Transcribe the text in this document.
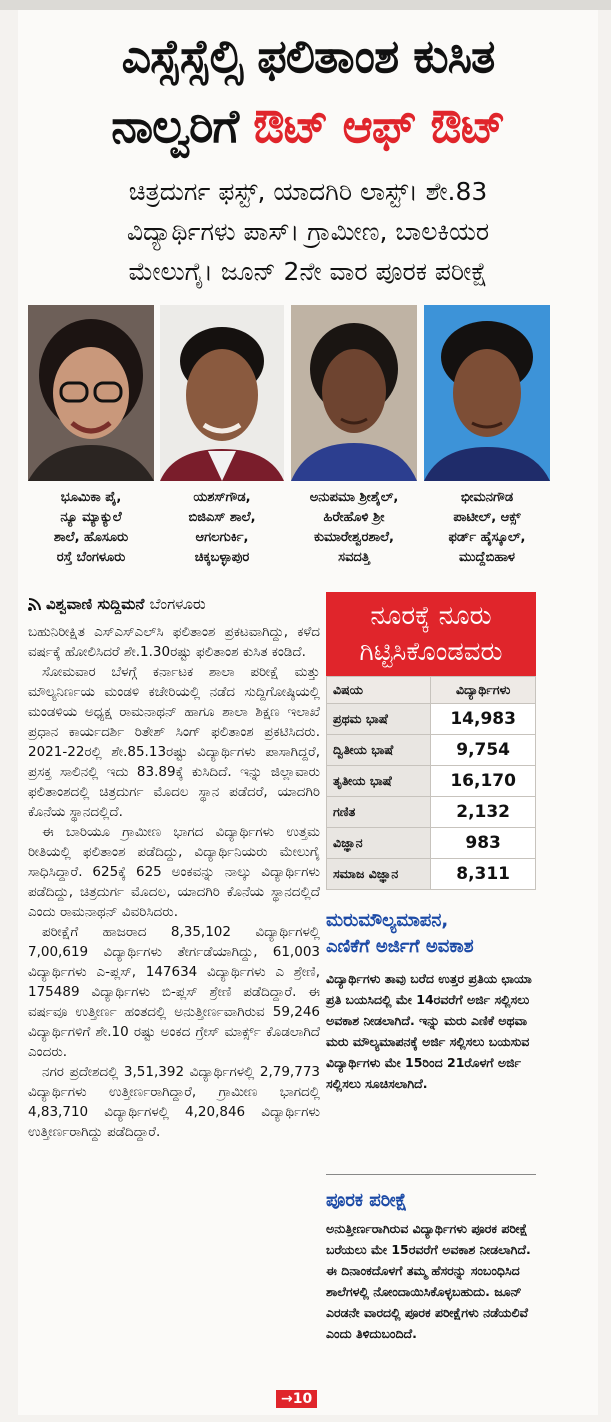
ಎಸ್ಸೆಸ್ಸೆಲ್ಸಿ ಫಲಿತಾಂಶ ಕುಸಿತ
ನಾಲ್ವರಿಗೆ ಔಟ್ ಆಫ್ ಔಟ್
ಚಿತ್ರದುರ್ಗ ಫಸ್ಟ್, ಯಾದಗಿರಿ ಲಾಸ್ಟ್। ಶೇ.83
ವಿದ್ಯಾರ್ಥಿಗಳು ಪಾಸ್। ಗ್ರಾಮೀಣ, ಬಾಲಕಿಯರ
ಮೇಲುಗೈ। ಜೂನ್ 2ನೇ ವಾರ ಪೂರಕ ಪರೀಕ್ಷೆ
ಭೂಮಿಕಾ ಪೈ,
ನ್ಯೂ ಮ್ಯಾಕ್ಯುಲೆ
ಶಾಲೆ, ಹೊಸೂರು
ರಸ್ತೆ ಬೆಂಗಳೂರು
ಯಶಸ್‌ಗೌಡ,
ಬಿಜಿಎಸ್ ಶಾಲೆ,
ಆಗಲಗುರ್ಕಿ,
ಚಿಕ್ಕಬಳ್ಳಾಪುರ
ಅನುಪಮಾ ಶ್ರೀಶೈಲ್,
ಹಿರೇಹೊಳಿ ಶ್ರೀ
ಕುಮಾರೇಶ್ವರಶಾಲೆ,
ಸವದತ್ತಿ
ಭೀಮನಗೌಡ
ಪಾಟೀಲ್, ಆಕ್ಸ್
ಫರ್ಡ್ ಹೈಸ್ಕೂಲ್,
ಮುದ್ದೆಬಿಹಾಳ
ವಿಶ್ವವಾಣಿ ಸುದ್ದಿಮನೆ ಬೆಂಗಳೂರು

ಬಹುನಿರೀಕ್ಷಿತ ಎಸ್‌ಎಸ್‌ಎಲ್‌ಸಿ ಫಲಿತಾಂಶ ಪ್ರಕಟವಾಗಿದ್ದು, ಕಳೆದ ವರ್ಷಕ್ಕೆ ಹೋಲಿಸಿದರೆ ಶೇ.1.30ರಷ್ಟು ಫಲಿತಾಂಶ ಕುಸಿತ ಕಂಡಿದೆ.

ಸೋಮವಾರ ಬೆಳಗ್ಗೆ ಕರ್ನಾಟಕ ಶಾಲಾ ಪರೀಕ್ಷೆ ಮತ್ತು ಮೌಲ್ಯನಿರ್ಣಯ ಮಂಡಳಿ ಕಚೇರಿಯಲ್ಲಿ ನಡೆದ ಸುದ್ದಿಗೋಷ್ಠಿಯಲ್ಲಿ ಮಂಡಳಿಯ ಅಧ್ಯಕ್ಷ ರಾಮನಾಥನ್ ಹಾಗೂ ಶಾಲಾ ಶಿಕ್ಷಣ ಇಲಾಖೆ ಪ್ರಧಾನ ಕಾರ್ಯದರ್ಶಿ ರಿತೇಶ್ ಸಿಂಗ್ ಫಲಿತಾಂಶ ಪ್ರಕಟಿಸಿದರು. 2021-22ರಲ್ಲಿ ಶೇ.85.13ರಷ್ಟು ವಿದ್ಯಾರ್ಥಿಗಳು ಪಾಸಾಗಿದ್ದರೆ, ಪ್ರಸಕ್ತ ಸಾಲಿನಲ್ಲಿ ಇದು 83.89ಕ್ಕೆ ಕುಸಿದಿದೆ. ಇನ್ನು ಜಿಲ್ಲಾವಾರು ಫಲಿತಾಂಶದಲ್ಲಿ ಚಿತ್ರದುರ್ಗ ಮೊದಲ ಸ್ಥಾನ ಪಡೆದರೆ, ಯಾದಗಿರಿ ಕೊನೆಯ ಸ್ಥಾನದಲ್ಲಿದೆ.

ಈ ಬಾರಿಯೂ ಗ್ರಾಮೀಣ ಭಾಗದ ವಿದ್ಯಾರ್ಥಿಗಳು ಉತ್ತಮ ರೀತಿಯಲ್ಲಿ ಫಲಿತಾಂಶ ಪಡೆದಿದ್ದು, ವಿದ್ಯಾರ್ಥಿನಿಯರು ಮೇಲುಗೈ ಸಾಧಿಸಿದ್ದಾರೆ. 625ಕ್ಕೆ 625 ಅಂಕವನ್ನು ನಾಲ್ಕು ವಿದ್ಯಾರ್ಥಿಗಳು ಪಡೆದಿದ್ದು, ಚಿತ್ರದುರ್ಗ ಮೊದಲ, ಯಾದಗಿರಿ ಕೊನೆಯ ಸ್ಥಾನದಲ್ಲಿದೆ ಎಂದು ರಾಮನಾಥನ್ ವಿವರಿಸಿದರು.

ಪರೀಕ್ಷೆಗೆ ಹಾಜರಾದ 8,35,102 ವಿದ್ಯಾರ್ಥಿಗಳಲ್ಲಿ 7,00,619 ವಿದ್ಯಾರ್ಥಿಗಳು ತೇರ್ಗಡೆಯಾಗಿದ್ದು, 61,003 ವಿದ್ಯಾರ್ಥಿಗಳು ಎ-ಪ್ಲಸ್, 147634 ವಿದ್ಯಾರ್ಥಿಗಳು ಎ ಶ್ರೇಣಿ, 175489 ವಿದ್ಯಾರ್ಥಿಗಳು ಬಿ-ಪ್ಲಸ್ ಶ್ರೇಣಿ ಪಡೆದಿದ್ದಾರೆ. ಈ ವರ್ಷವೂ ಉತ್ತೀರ್ಣ ಹಂತದಲ್ಲಿ ಅನುತ್ತೀರ್ಣವಾಗಿರುವ 59,246 ವಿದ್ಯಾರ್ಥಿಗಳಿಗೆ ಶೇ.10 ರಷ್ಟು ಅಂಕದ ಗ್ರೇಸ್ ಮಾರ್ಕ್ಸ್ ಕೊಡಲಾಗಿದೆ ಎಂದರು.

ನಗರ ಪ್ರದೇಶದಲ್ಲಿ 3,51,392 ವಿದ್ಯಾರ್ಥಿಗಳಲ್ಲಿ 2,79,773 ವಿದ್ಯಾರ್ಥಿಗಳು ಉತ್ತೀರ್ಣರಾಗಿದ್ದಾರೆ, ಗ್ರಾಮೀಣ ಭಾಗದಲ್ಲಿ 4,83,710 ವಿದ್ಯಾರ್ಥಿಗಳಲ್ಲಿ 4,20,846 ವಿದ್ಯಾರ್ಥಿಗಳು ಉತ್ತೀರ್ಣರಾಗಿದ್ದು ಪಡೆದಿದ್ದಾರೆ.

→10
ನೂರಕ್ಕೆ ನೂರು
ಗಿಟ್ಟಿಸಿಕೊಂಡವರು
ವಿಷಯ	ವಿದ್ಯಾರ್ಥಿಗಳು
ಪ್ರಥಮ ಭಾಷೆ	14,983
ದ್ವಿತೀಯ ಭಾಷೆ	9,754
ತೃತೀಯ ಭಾಷೆ	16,170
ಗಣಿತ	2,132
ವಿಜ್ಞಾನ	983
ಸಮಾಜ ವಿಜ್ಞಾನ	8,311
ಮರುಮೌಲ್ಯಮಾಪನ,
ಎಣಿಕೆಗೆ ಅರ್ಜಿಗೆ ಅವಕಾಶ
ವಿದ್ಯಾರ್ಥಿಗಳು ತಾವು ಬರೆದ ಉತ್ತರ ಪ್ರತಿಯ ಛಾಯಾ ಪ್ರತಿ ಬಯಸಿದಲ್ಲಿ ಮೇ 14ರವರೆಗೆ ಅರ್ಜಿ ಸಲ್ಲಿಸಲು ಅವಕಾಶ ನೀಡಲಾಗಿದೆ. ಇನ್ನು ಮರು ಎಣಿಕೆ ಅಥವಾ ಮರು ಮೌಲ್ಯಮಾಪನಕ್ಕೆ ಅರ್ಜಿ ಸಲ್ಲಿಸಲು ಬಯಸುವ ವಿದ್ಯಾರ್ಥಿಗಳು ಮೇ 15ರಿಂದ 21ರೊಳಗೆ ಅರ್ಜಿ ಸಲ್ಲಿಸಲು ಸೂಚಿಸಲಾಗಿದೆ.
ಪೂರಕ ಪರೀಕ್ಷೆ
ಅನುತ್ತೀರ್ಣರಾಗಿರುವ ವಿದ್ಯಾರ್ಥಿಗಳು ಪೂರಕ ಪರೀಕ್ಷೆ ಬರೆಯಲು ಮೇ 15ರವರೆಗೆ ಅವಕಾಶ ನೀಡಲಾಗಿದೆ. ಈ ದಿನಾಂಕದೊಳಗೆ ತಮ್ಮ ಹೆಸರನ್ನು ಸಂಬಂಧಿಸಿದ ಶಾಲೆಗಳಲ್ಲಿ ನೋಂದಾಯಿಸಿಕೊಳ್ಳಬಹುದು. ಜೂನ್ ಎರಡನೇ ವಾರದಲ್ಲಿ ಪೂರಕ ಪರೀಕ್ಷೆಗಳು ನಡೆಯಲಿವೆ ಎಂದು ತಿಳಿದುಬಂದಿದೆ.
